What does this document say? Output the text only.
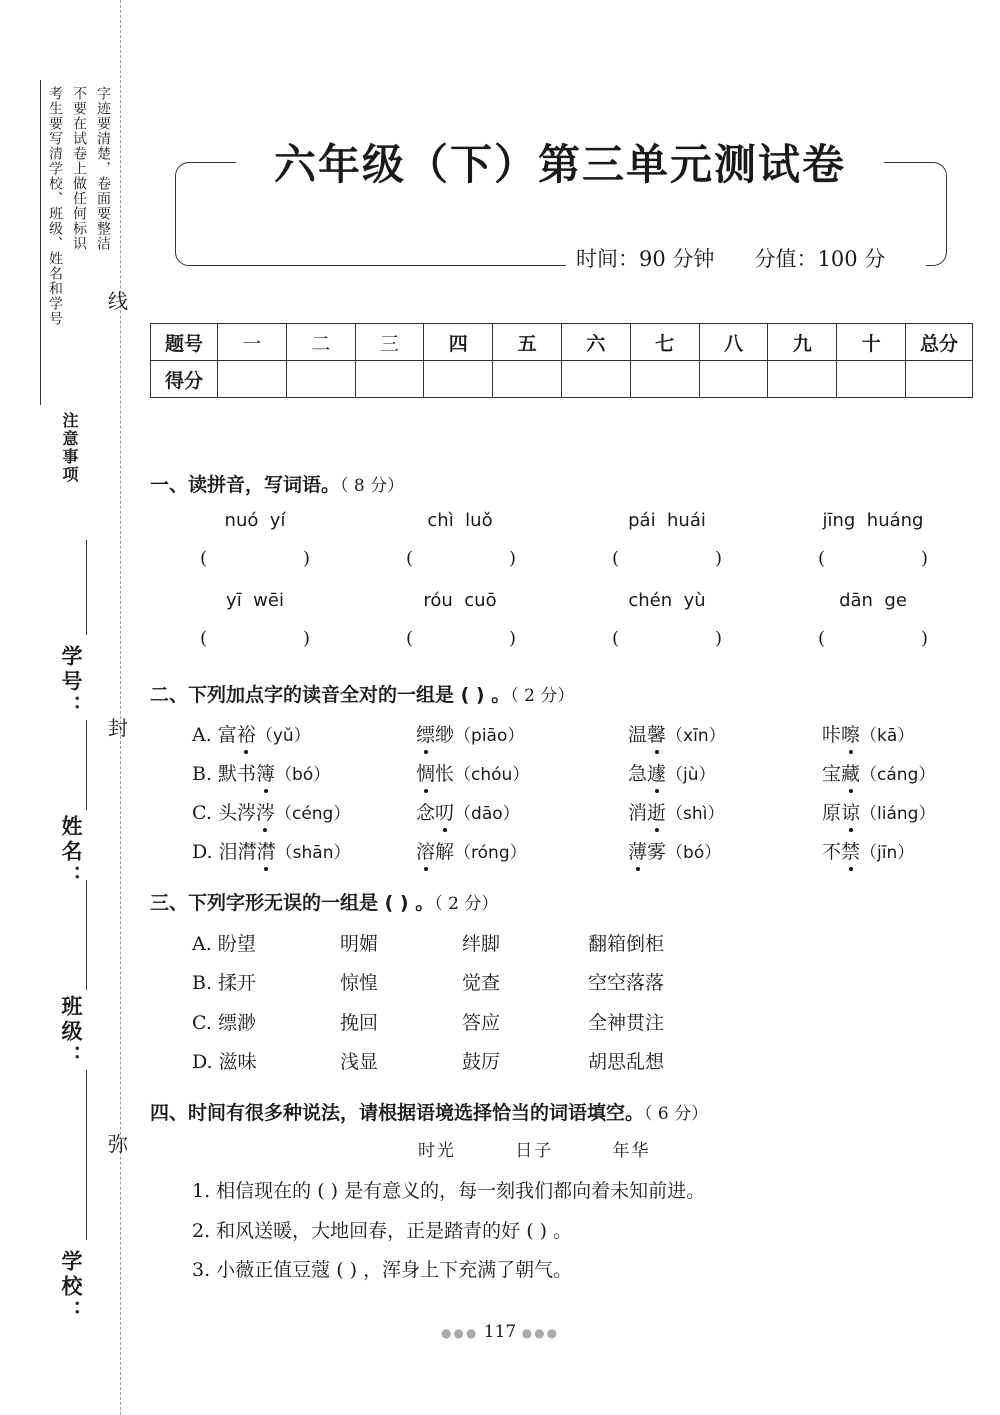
字迹要清楚，卷面要整洁
不要在试卷上做任何标识
考生要写清学校、班级、姓名和学号
注意事项
线
封
弥
学号：
姓名：
班级：
学校：
六年级（下）第三单元测试卷
时间：90 分钟 分值：100 分
题号	一	二	三	四	五	六	七	八	九	十	总分
得分											
一、读拼音，写词语。（ 8 分）
nuó  yí	chì  luǒ	pái  huái	jīng  huáng
(	)	(	)	(	)	(	)
yī  wēi	róu  cuō	chén  yù	dān  ge
(	)	(	)	(	)	(	)
二、下列加点字的读音全对的一组是 ( ) 。（ 2 分）
A. 富裕（yǔ）	缥缈（piāo）	温馨（xīn）	咔嚓（kā）
B. 默书簿（bó）	惆怅（chóu）	急遽（jù）	宝藏（cáng）
C. 头涔涔（céng）	念叨（dāo）	消逝（shì）	原谅（liáng）
D. 泪潸潸（shān）	溶解（róng）	薄雾（bó）	不禁（jīn）
三、下列字形无误的一组是 ( ) 。（ 2 分）
A. 盼望	明媚	绊脚	翻箱倒柜
B. 揉开	惊惶	觉查	空空落落
C. 缥渺	挽回	答应	全神贯注
D. 滋味	浅显	鼓厉	胡思乱想
四、时间有很多种说法，请根据语境选择恰当的词语填空。（ 6 分）
时光        日子        年华
1. 相信现在的 ( ) 是有意义的，每一刻我们都向着未知前进。
2. 和风送暖，大地回春，正是踏青的好 ( ) 。
3. 小薇正值豆蔻 ( ) ，浑身上下充满了朝气。
●●● 117 ●●●
